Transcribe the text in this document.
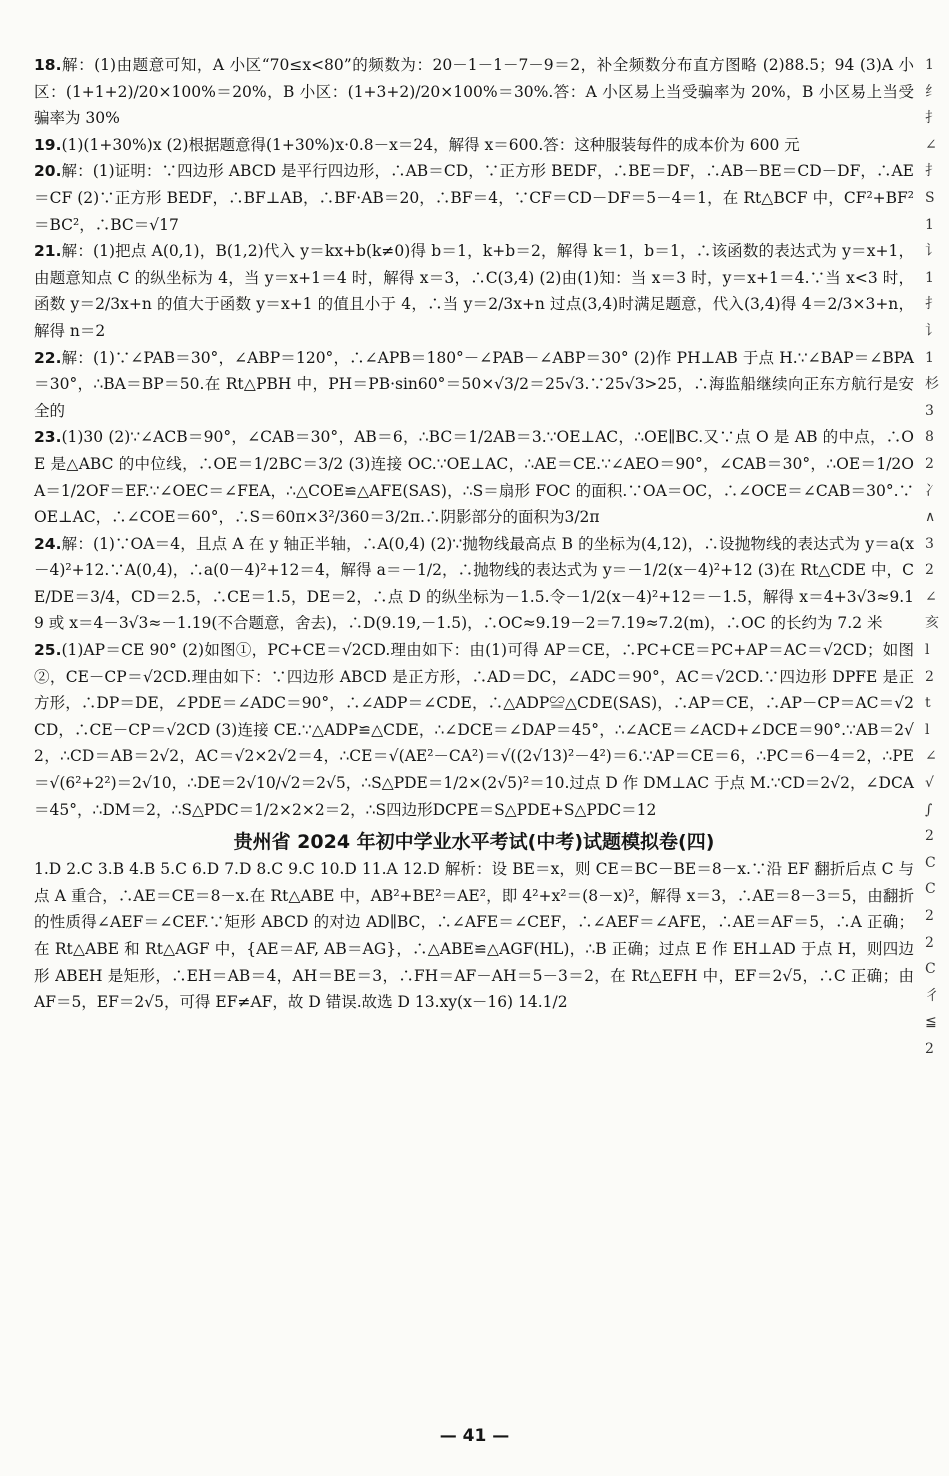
18.解：(1)由题意可知，A 小区“70≤x<80”的频数为：20－1－1－7－9＝2，补全频数分布直方图略 (2)88.5；94 (3)A 小区：(1+1+2)/20×100%＝20%，B 小区：(1+3+2)/20×100%＝30%.答：A 小区易上当受骗率为 20%，B 小区易上当受骗率为 30%

19.(1)(1+30%)x (2)根据题意得(1+30%)x·0.8－x＝24，解得 x＝600.答：这种服装每件的成本价为 600 元

20.解：(1)证明：∵四边形 ABCD 是平行四边形，∴AB＝CD，∵正方形 BEDF，∴BE＝DF，∴AB－BE＝CD－DF，∴AE＝CF (2)∵正方形 BEDF，∴BF⊥AB，∴BF·AB＝20，∴BF＝4，∵CF＝CD－DF＝5－4＝1，在 Rt△BCF 中，CF²+BF²＝BC²，∴BC＝√17

21.解：(1)把点 A(0,1)，B(1,2)代入 y＝kx+b(k≠0)得 b＝1，k+b＝2，解得 k＝1，b＝1，∴该函数的表达式为 y＝x+1，由题意知点 C 的纵坐标为 4，当 y＝x+1＝4 时，解得 x＝3，∴C(3,4) (2)由(1)知：当 x＝3 时，y＝x+1＝4.∵当 x<3 时，函数 y＝2/3x+n 的值大于函数 y＝x+1 的值且小于 4，∴当 y＝2/3x+n 过点(3,4)时满足题意，代入(3,4)得 4＝2/3×3+n，解得 n＝2

22.解：(1)∵∠PAB＝30°，∠ABP＝120°，∴∠APB＝180°－∠PAB－∠ABP＝30° (2)作 PH⊥AB 于点 H.∵∠BAP＝∠BPA＝30°，∴BA＝BP＝50.在 Rt△PBH 中，PH＝PB·sin60°＝50×√3/2＝25√3.∵25√3>25，∴海监船继续向正东方航行是安全的

23.(1)30 (2)∵∠ACB＝90°，∠CAB＝30°，AB＝6，∴BC＝1/2AB＝3.∵OE⊥AC，∴OE∥BC.又∵点 O 是 AB 的中点，∴OE 是△ABC 的中位线，∴OE＝1/2BC＝3/2 (3)连接 OC.∵OE⊥AC，∴AE＝CE.∵∠AEO＝90°，∠CAB＝30°，∴OE＝1/2OA＝1/2OF＝EF.∵∠OEC＝∠FEA，∴△COE≌△AFE(SAS)，∴S＝扇形 FOC 的面积.∵OA＝OC，∴∠OCE＝∠CAB＝30°.∵OE⊥AC，∴∠COE＝60°，∴S＝60π×3²/360＝3/2π.∴阴影部分的面积为3/2π

24.解：(1)∵OA＝4，且点 A 在 y 轴正半轴，∴A(0,4) (2)∵抛物线最高点 B 的坐标为(4,12)，∴设抛物线的表达式为 y＝a(x－4)²+12.∵A(0,4)，∴a(0－4)²+12＝4，解得 a＝－1/2，∴抛物线的表达式为 y＝－1/2(x－4)²+12 (3)在 Rt△CDE 中，CE/DE＝3/4，CD＝2.5，∴CE＝1.5，DE＝2，∴点 D 的纵坐标为－1.5.令－1/2(x－4)²+12＝－1.5，解得 x＝4+3√3≈9.19 或 x＝4－3√3≈－1.19(不合题意，舍去)，∴D(9.19,－1.5)，∴OC≈9.19－2＝7.19≈7.2(m)，∴OC 的长约为 7.2 米

25.(1)AP＝CE 90° (2)如图①，PC+CE＝√2CD.理由如下：由(1)可得 AP＝CE，∴PC+CE＝PC+AP＝AC＝√2CD；如图②，CE－CP＝√2CD.理由如下：∵四边形 ABCD 是正方形，∴AD＝DC，∠ADC＝90°，AC＝√2CD.∵四边形 DPFE 是正方形，∴DP＝DE，∠PDE＝∠ADC＝90°，∴∠ADP＝∠CDE，∴△ADP≌△CDE(SAS)，∴AP＝CE，∴AP－CP＝AC＝√2CD，∴CE－CP＝√2CD (3)连接 CE.∵△ADP≌△CDE，∴∠DCE＝∠DAP＝45°，∴∠ACE＝∠ACD+∠DCE＝90°.∵AB＝2√2，∴CD＝AB＝2√2，AC＝√2×2√2＝4，∴CE＝√(AE²－CA²)＝√((2√13)²－4²)＝6.∵AP＝CE＝6，∴PC＝6－4＝2，∴PE＝√(6²+2²)＝2√10，∴DE＝2√10/√2＝2√5，∴S△PDE＝1/2×(2√5)²＝10.过点 D 作 DM⊥AC 于点 M.∵CD＝2√2，∠DCA＝45°，∴DM＝2，∴S△PDC＝1/2×2×2＝2，∴S四边形DCPE＝S△PDE+S△PDC＝12

贵州省 2024 年初中学业水平考试(中考)试题模拟卷(四)

1.D 2.C 3.B 4.B 5.C 6.D 7.D 8.C 9.C 10.D 11.A 12.D 解析：设 BE＝x，则 CE＝BC－BE＝8－x.∵沿 EF 翻折后点 C 与点 A 重合，∴AE＝CE＝8－x.在 Rt△ABE 中，AB²+BE²＝AE²，即 4²+x²＝(8－x)²，解得 x＝3，∴AE＝8－3＝5，由翻折的性质得∠AEF＝∠CEF.∵矩形 ABCD 的对边 AD∥BC，∴∠AFE＝∠CEF，∴∠AEF＝∠AFE，∴AE＝AF＝5，∴A 正确；在 Rt△ABE 和 Rt△AGF 中，{AE＝AF, AB＝AG}，∴△ABE≌△AGF(HL)，∴B 正确；过点 E 作 EH⊥AD 于点 H，则四边形 ABEH 是矩形，∴EH＝AB＝4，AH＝BE＝3，∴FH＝AF－AH＝5－3＝2，在 Rt△EFH 中，EF＝2√5，∴C 正确；由 AF＝5，EF＝2√5，可得 EF≠AF，故 D 错误.故选 D 13.xy(x－16) 14.1/2

1
纟
扌
∠
扌
S
1
讠
1
扌
讠
1
杉
3
8
2
冫
∧
3
2
∠
亥
l
2
t
l
∠
√
∫
2
C
C
2
2
C
彳
≦
2
— 41 —
